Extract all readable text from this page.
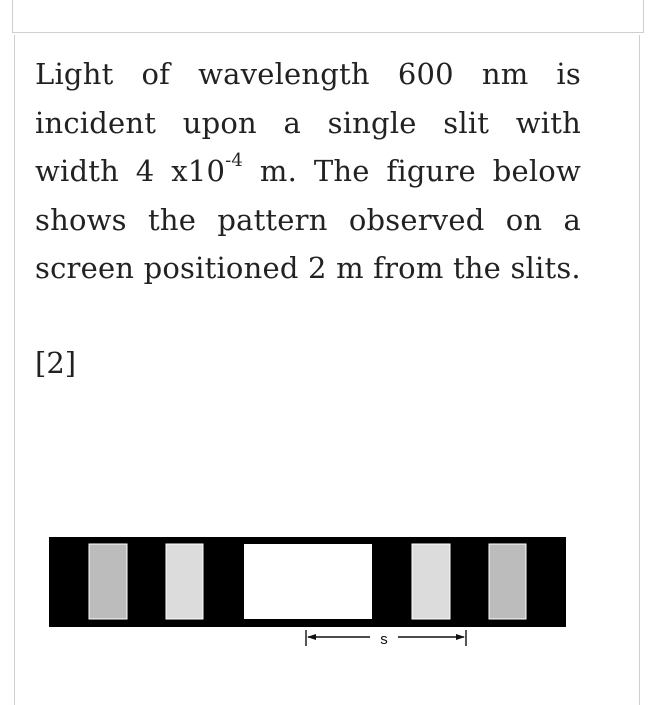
Light of wavelength 600 nm is incident upon a single slit with width 4 $x10^{-4}$ m. The figure below shows the pattern observed on a screen positioned 2 m from the slits.

[2]

s
